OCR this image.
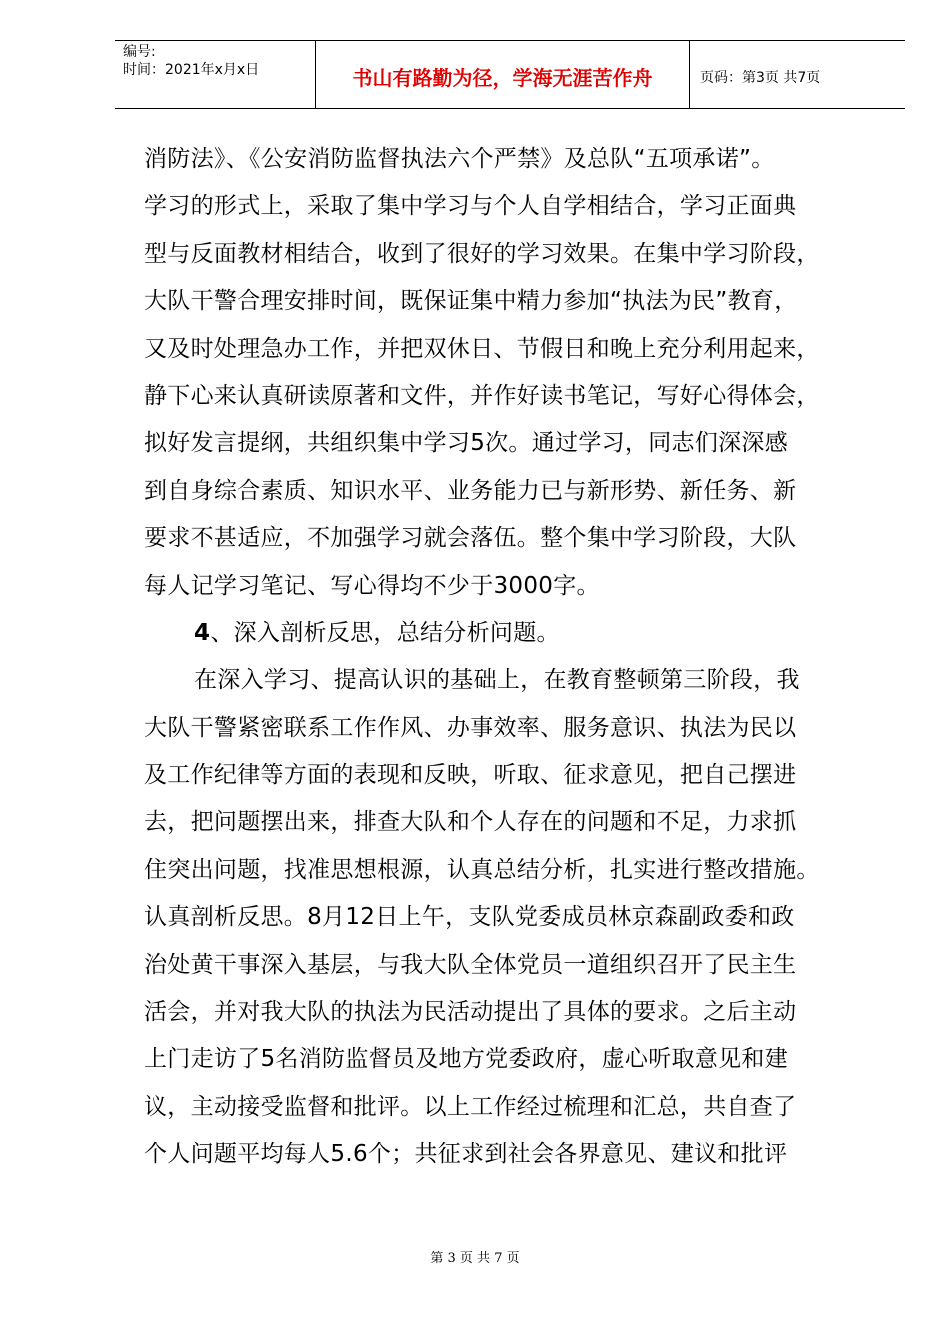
编号:
时间：2021年x月x日	书山有路勤为径，学海无涯苦作舟	页码：第3页 共7页
消防法》、《公安消防监督执法六个严禁》及总队“五项承诺”。
学习的形式上，采取了集中学习与个人自学相结合，学习正面典
型与反面教材相结合，收到了很好的学习效果。在集中学习阶段，
大队干警合理安排时间，既保证集中精力参加“执法为民”教育，
又及时处理急办工作，并把双休日、节假日和晚上充分利用起来，
静下心来认真研读原著和文件，并作好读书笔记，写好心得体会，
拟好发言提纲，共组织集中学习5次。通过学习，同志们深深感
到自身综合素质、知识水平、业务能力已与新形势、新任务、新
要求不甚适应，不加强学习就会落伍。整个集中学习阶段，大队
每人记学习笔记、写心得均不少于3000字。
4、深入剖析反思，总结分析问题。
在深入学习、提高认识的基础上，在教育整顿第三阶段，我
大队干警紧密联系工作作风、办事效率、服务意识、执法为民以
及工作纪律等方面的表现和反映，听取、征求意见，把自己摆进
去，把问题摆出来，排查大队和个人存在的问题和不足，力求抓
住突出问题，找准思想根源，认真总结分析，扎实进行整改措施。
认真剖析反思。8月12日上午，支队党委成员林京森副政委和政
治处黄干事深入基层，与我大队全体党员一道组织召开了民主生
活会，并对我大队的执法为民活动提出了具体的要求。之后主动
上门走访了5名消防监督员及地方党委政府，虚心听取意见和建
议，主动接受监督和批评。以上工作经过梳理和汇总，共自查了
个人问题平均每人5.6个；共征求到社会各界意见、建议和批评
第 3 页 共 7 页
